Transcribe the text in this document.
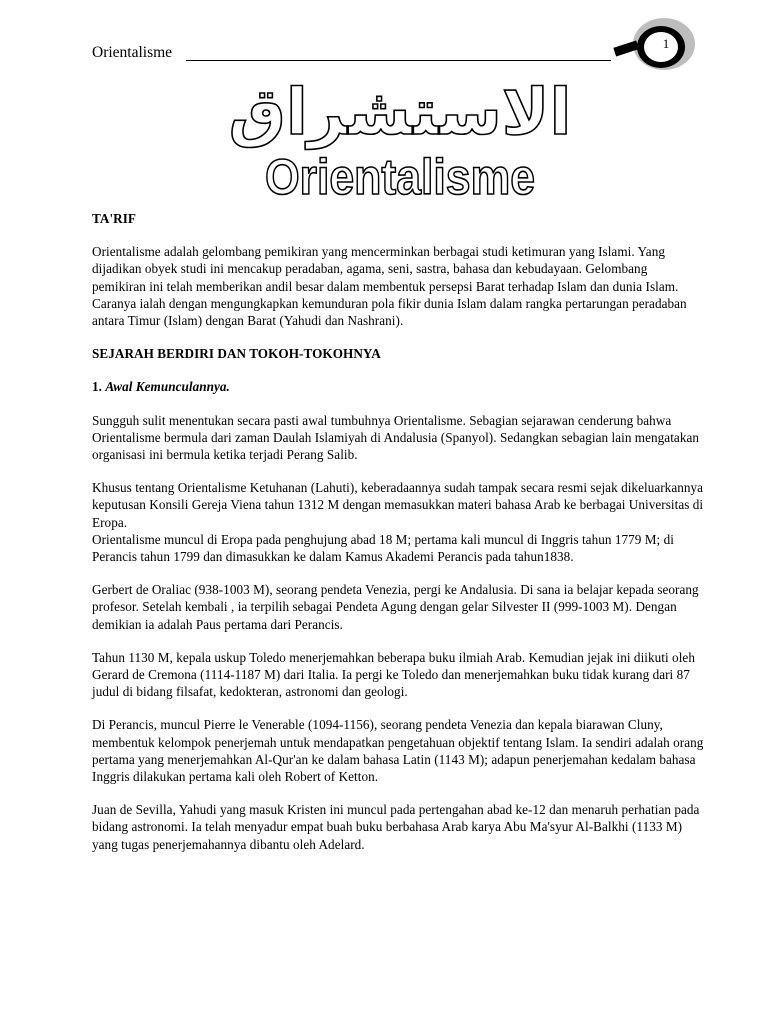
Orientalisme
1
الاستشراق
Orientalisme

TA'RIF

Orientalisme adalah gelombang pemikiran yang mencerminkan berbagai studi ketimuran yang Islami. Yang dijadikan obyek studi ini mencakup peradaban, agama, seni, sastra, bahasa dan kebudayaan. Gelombang pemikiran ini telah memberikan andil besar dalam membentuk persepsi Barat terhadap Islam dan dunia Islam. Caranya ialah dengan mengungkapkan kemunduran pola fikir dunia Islam dalam rangka pertarungan peradaban antara Timur (Islam) dengan Barat (Yahudi dan Nashrani).

SEJARAH BERDIRI DAN TOKOH-TOKOHNYA

1. Awal Kemunculannya.

Sungguh sulit menentukan secara pasti awal tumbuhnya Orientalisme. Sebagian sejarawan cenderung bahwa Orientalisme bermula dari zaman Daulah Islamiyah di Andalusia (Spanyol). Sedangkan sebagian lain mengatakan organisasi ini bermula ketika terjadi Perang Salib.

Khusus tentang Orientalisme Ketuhanan (Lahuti), keberadaannya sudah tampak secara resmi sejak dikeluarkannya keputusan Konsili Gereja Viena tahun 1312 M dengan memasukkan materi bahasa Arab ke berbagai Universitas di Eropa.

Orientalisme muncul di Eropa pada penghujung abad 18 M; pertama kali muncul di Inggris tahun 1779 M; di Perancis tahun 1799 dan dimasukkan ke dalam Kamus Akademi Perancis pada tahun1838.

Gerbert de Oraliac (938-1003 M), seorang pendeta Venezia, pergi ke Andalusia. Di sana ia belajar kepada seorang profesor. Setelah kembali , ia terpilih sebagai Pendeta Agung dengan gelar Silvester II (999-1003 M). Dengan demikian ia adalah Paus pertama dari Perancis.

Tahun 1130 M, kepala uskup Toledo menerjemahkan beberapa buku ilmiah Arab. Kemudian jejak ini diikuti oleh Gerard de Cremona (1114-1187 M) dari Italia. Ia pergi ke Toledo dan menerjemahkan buku tidak kurang dari 87 judul di bidang filsafat, kedokteran, astronomi dan geologi.

Di Perancis, muncul Pierre le Venerable (1094-1156), seorang pendeta Venezia dan kepala biarawan Cluny, membentuk kelompok penerjemah untuk mendapatkan pengetahuan objektif tentang Islam. Ia sendiri adalah orang pertama yang menerjemahkan Al-Qur'an ke dalam bahasa Latin (1143 M); adapun penerjemahan kedalam bahasa Inggris dilakukan pertama kali oleh Robert of Ketton.

Juan de Sevilla, Yahudi yang masuk Kristen ini muncul pada pertengahan abad ke-12 dan menaruh perhatian pada bidang astronomi. Ia telah menyadur empat buah buku berbahasa Arab karya Abu Ma'syur Al-Balkhi (1133 M) yang tugas penerjemahannya dibantu oleh Adelard.
